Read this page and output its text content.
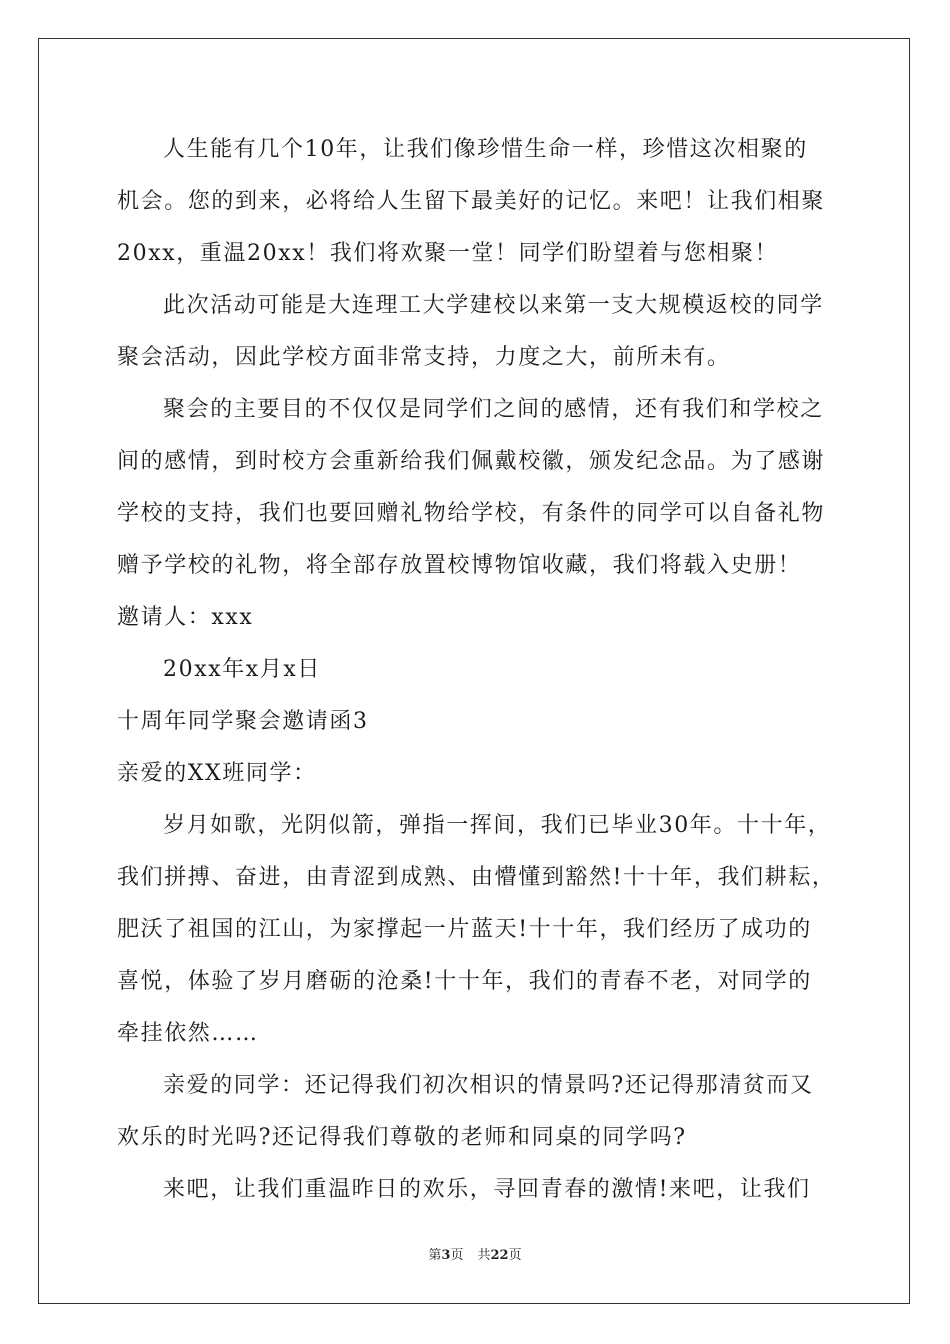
人生能有几个10年，让我们像珍惜生命一样，珍惜这次相聚的
机会。您的到来，必将给人生留下最美好的记忆。来吧！让我们相聚
20xx，重温20xx！我们将欢聚一堂！同学们盼望着与您相聚！
此次活动可能是大连理工大学建校以来第一支大规模返校的同学
聚会活动，因此学校方面非常支持，力度之大，前所未有。
聚会的主要目的不仅仅是同学们之间的感情，还有我们和学校之
间的感情，到时校方会重新给我们佩戴校徽，颁发纪念品。为了感谢
学校的支持，我们也要回赠礼物给学校，有条件的同学可以自备礼物
赠予学校的礼物，将全部存放置校博物馆收藏，我们将载入史册！
邀请人：xxx
20xx年x月x日
十周年同学聚会邀请函3
亲爱的XX班同学：
岁月如歌，光阴似箭，弹指一挥间，我们已毕业30年。十十年，
我们拼搏、奋进，由青涩到成熟、由懵懂到豁然!十十年，我们耕耘，
肥沃了祖国的江山，为家撑起一片蓝天!十十年，我们经历了成功的
喜悦，体验了岁月磨砺的沧桑!十十年，我们的青春不老，对同学的
牵挂依然……
亲爱的同学：还记得我们初次相识的情景吗?还记得那清贫而又
欢乐的时光吗?还记得我们尊敬的老师和同桌的同学吗?
来吧，让我们重温昨日的欢乐，寻回青春的激情!来吧，让我们
第3页 共22页
